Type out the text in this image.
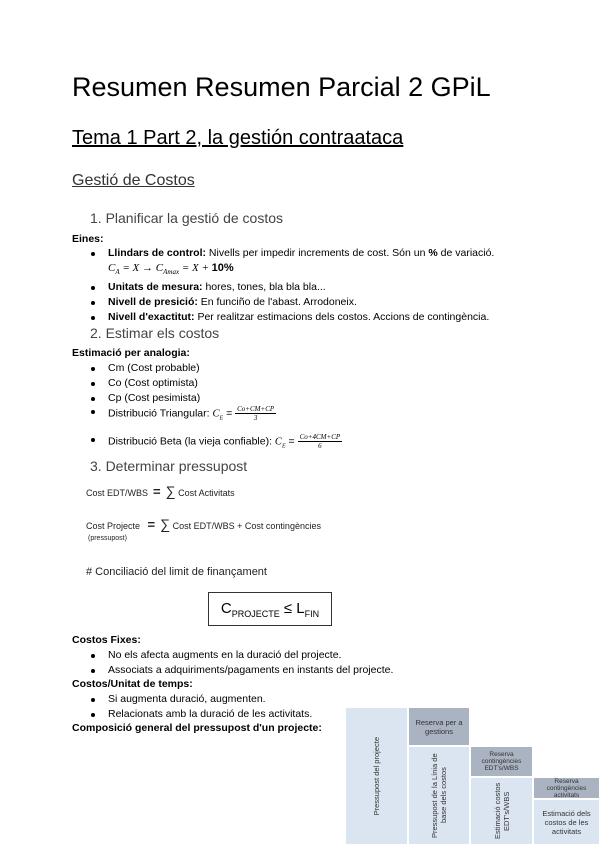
Resumen Resumen Parcial 2 GPiL
Tema 1 Part 2, la gestión contraataca
Gestió de Costos
1. Planificar la gestió de costos
Eines:
Llindars de control: Nivells per impedir increments de cost. Són un % de variació.
$C_A = X \to C_{Amax} = X + 10\%$
Unitats de mesura: hores, tones, bla bla bla...
Nivell de presició: En funciño de l'abast. Arrodoneix.
Nivell d'exactitut: Per realitzar estimacions dels costos. Accions de contingència.
2. Estimar els costos
Estimació per analogia:
Cm (Cost probable)
Co (Cost optimista)
Cp (Cost pesimista)
Distribució Triangular: $C_E = \frac{Co+CM+CP}{3}$
Distribució Beta (la vieja confiable): $C_E = \frac{Co+4CM+CP}{6}$
3. Determinar pressupost
Cost EDT/WBS = ∑ Cost Activitats
Cost Projecte = ∑ Cost EDT/WBS + Cost contingències
(pressupost)
# Conciliació del limit de finançament
$C_{PROJECTE} \le L_{FIN}$
Costos Fixes:
No els afecta augments en la duració del projecte.
Associats a adquiriments/pagaments en instants del projecte.
Costos/Unitat de temps:
Si augmenta duració, augmenten.
Relacionats amb la duració de les activitats.
Composició general del pressupost d'un projecte:
Pressupost del projecte
Reserva per a gestions
Pressupost de la Línia de base dels costos
Reserva contingències EDT's/WBS
Estimació costos EDT's/WBS
Reserva contingències activitats
Estimació dels costos de les activitats
